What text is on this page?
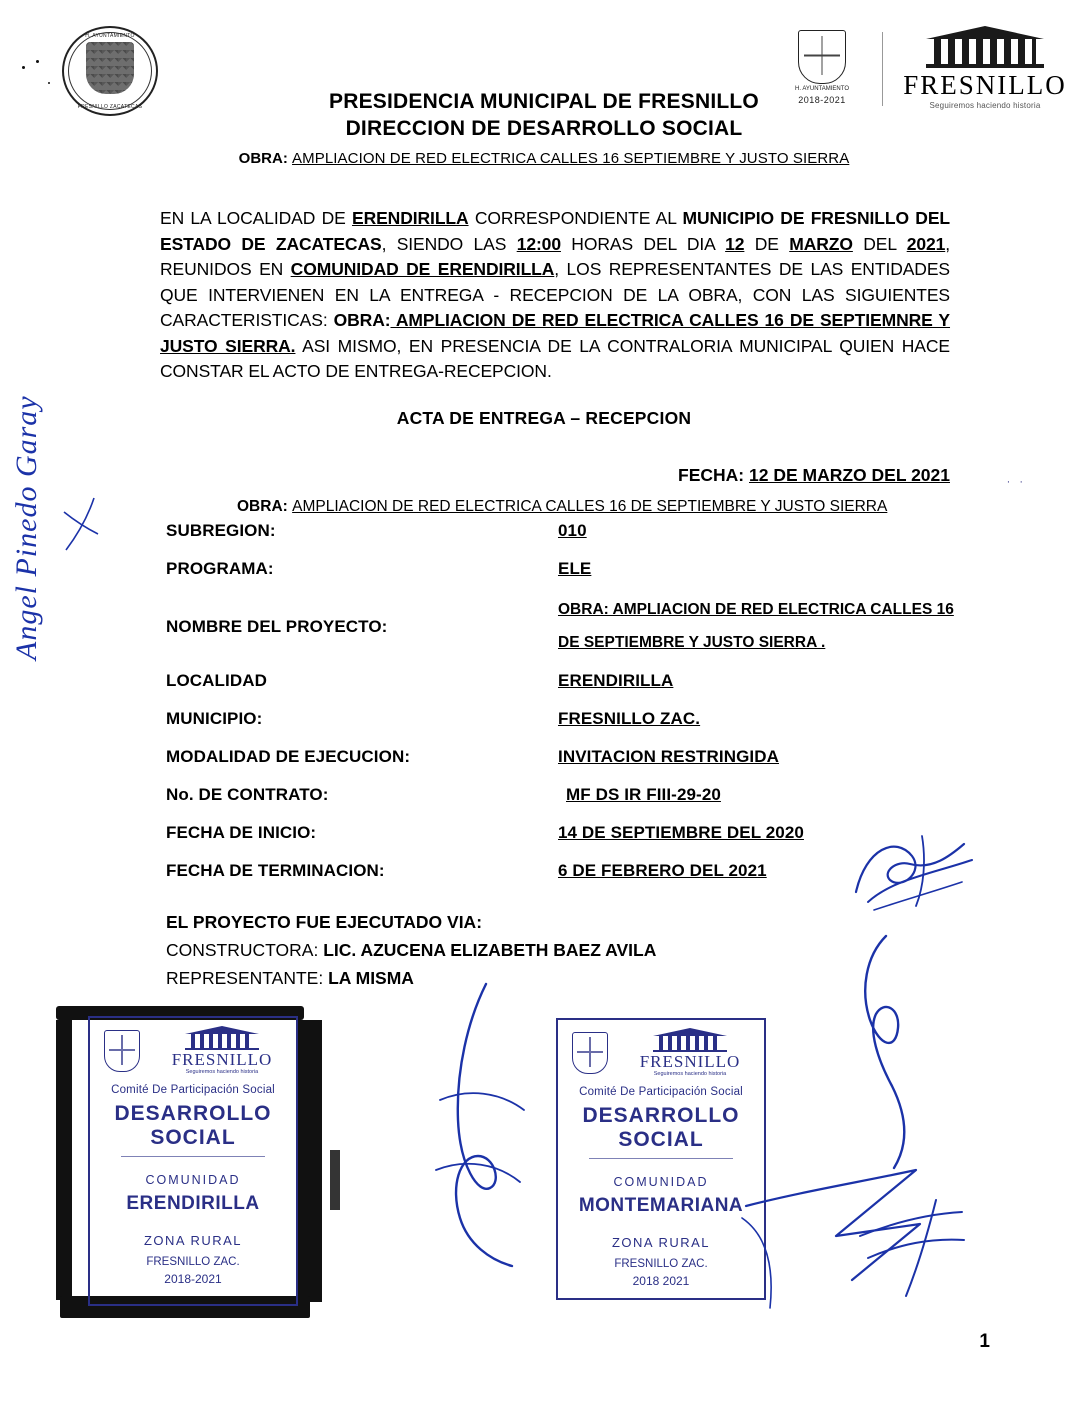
H. AYUNTAMIENTO
FRESNILLO ZACATECAS
H. AYUNTAMIENTO
2018-2021	FRESNILLO
Seguiremos haciendo historia
PRESIDENCIA MUNICIPAL DE FRESNILLO
DIRECCION DE DESARROLLO SOCIAL
OBRA: AMPLIACION DE RED ELECTRICA CALLES 16 SEPTIEMBRE Y JUSTO SIERRA
EN LA LOCALIDAD DE ERENDIRILLA CORRESPONDIENTE AL MUNICIPIO DE FRESNILLO DEL ESTADO DE ZACATECAS, SIENDO LAS 12:00 HORAS DEL DIA 12 DE MARZO DEL 2021, REUNIDOS EN COMUNIDAD DE ERENDIRILLA, LOS REPRESENTANTES DE LAS ENTIDADES QUE INTERVIENEN EN LA ENTREGA - RECEPCION DE LA OBRA, CON LAS SIGUIENTES CARACTERISTICAS: OBRA: AMPLIACION DE RED ELECTRICA CALLES 16 DE SEPTIEMNRE Y JUSTO SIERRA. ASI MISMO, EN PRESENCIA DE LA CONTRALORIA MUNICIPAL QUIEN HACE CONSTAR EL ACTO DE ENTREGA-RECEPCION.
ACTA DE ENTREGA – RECEPCION
· ·
FECHA: 12 DE MARZO DEL 2021
OBRA: AMPLIACION DE RED ELECTRICA CALLES 16 DE SEPTIEMBRE Y JUSTO SIERRA
SUBREGION:	010
PROGRAMA:	ELE
NOMBRE DEL PROYECTO:
OBRA: AMPLIACION DE RED ELECTRICA CALLES 16
DE SEPTIEMBRE Y JUSTO SIERRA .
LOCALIDAD	ERENDIRILLA
MUNICIPIO:	FRESNILLO ZAC.
MODALIDAD DE EJECUCION:	INVITACION RESTRINGIDA
No. DE CONTRATO:	MF DS IR FIII-29-20
FECHA DE INICIO:	14 DE SEPTIEMBRE DEL 2020
FECHA DE TERMINACION:	6 DE FEBRERO DEL 2021
EL PROYECTO FUE EJECUTADO VIA:
CONSTRUCTORA: LIC. AZUCENA ELIZABETH BAEZ AVILA
REPRESENTANTE: LA MISMA
Angel Pinedo Garay
FRESNILLO
Seguiremos haciendo historia
Comité De Participación Social
DESARROLLO SOCIAL
COMUNIDAD
ERENDIRILLA
ZONA RURAL
FRESNILLO ZAC.
2018-2021
FRESNILLO
Seguiremos haciendo historia
Comité De Participación Social
DESARROLLO SOCIAL
COMUNIDAD
MONTEMARIANA
ZONA RURAL
FRESNILLO ZAC.
2018 2021
1
